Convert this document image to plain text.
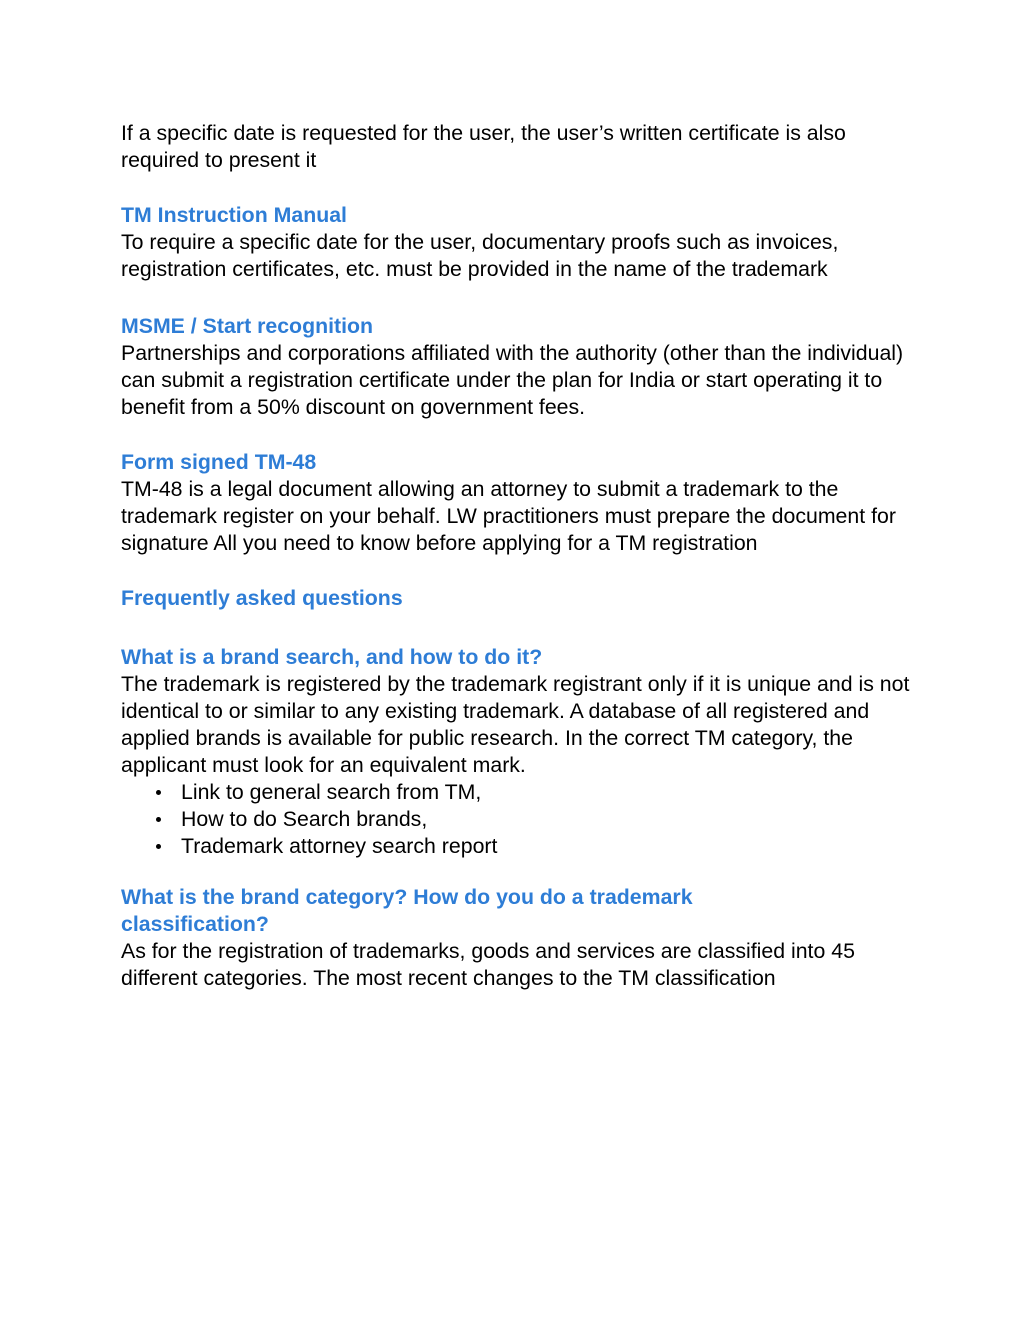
If a specific date is requested for the user, the user’s written certificate is also required to present it

TM Instruction Manual

To require a specific date for the user, documentary proofs such as invoices, registration certificates, etc. must be provided in the name of the trademark

MSME / Start recognition

Partnerships and corporations affiliated with the authority (other than the individual) can submit a registration certificate under the plan for India or start operating it to benefit from a 50% discount on government fees.

Form signed TM-48

TM-48 is a legal document allowing an attorney to submit a trademark to the trademark register on your behalf. LW practitioners must prepare the document for signature All you need to know before applying for a TM registration

Frequently asked questions
What is a brand search, and how to do it?

The trademark is registered by the trademark registrant only if it is unique and is not identical to or similar to any existing trademark. A database of all registered and applied brands is available for public research. In the correct TM category, the applicant must look for an equivalent mark.

Link to general search from TM,
How to do Search brands,
Trademark attorney search report
What is the brand category? How do you do a trademark classification?

As for the registration of trademarks, goods and services are classified into 45 different categories. The most recent changes to the TM classification
